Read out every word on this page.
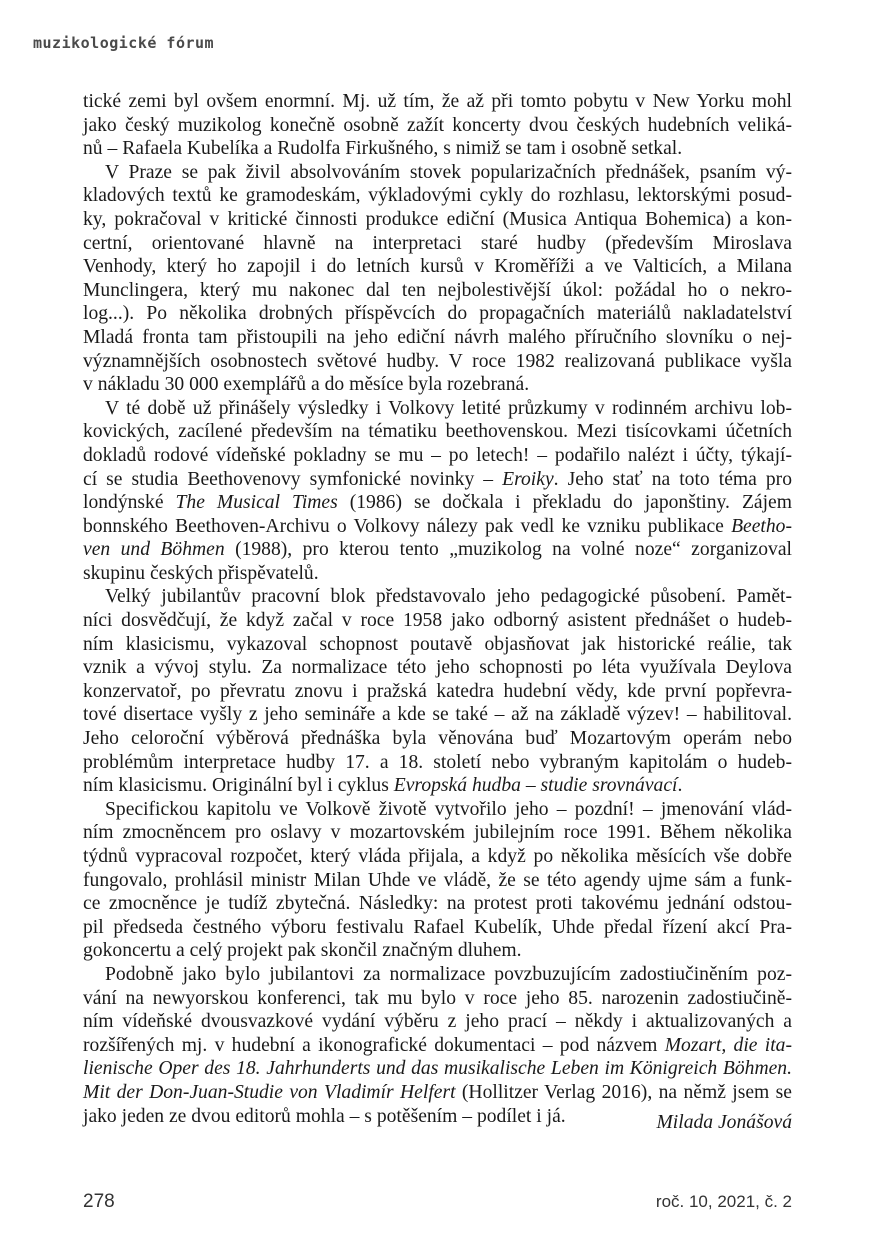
muzikologické fórum
tické zemi byl ovšem enormní. Mj. už tím, že až při tomto pobytu v New Yorku mohl
jako český muzikolog konečně osobně zažít koncerty dvou českých hudebních veliká-
nů – Rafaela Kubelíka a Rudolfa Firkušného, s nimiž se tam i osobně setkal.
V Praze se pak živil absolvováním stovek popularizačních přednášek, psaním vý-
kladových textů ke gramodeskám, výkladovými cykly do rozhlasu, lektorskými posud-
ky, pokračoval v kritické činnosti produkce ediční (Musica Antiqua Bohemica) a kon-
certní, orientované hlavně na interpretaci staré hudby (především Miroslava
Venhody, který ho zapojil i do letních kursů v Kroměříži a ve Valticích, a Milana
Munclingera, který mu nakonec dal ten nejbolestivější úkol: požádal ho o nekro-
log...). Po několika drobných příspěvcích do propagačních materiálů nakladatelství
Mladá fronta tam přistoupili na jeho ediční návrh malého příručního slovníku o nej-
významnějších osobnostech světové hudby. V roce 1982 realizovaná publikace vyšla
v nákladu 30 000 exemplářů a do měsíce byla rozebraná.
V té době už přinášely výsledky i Volkovy letité průzkumy v rodinném archivu lob-
kovických, zacílené především na tématiku beethovenskou. Mezi tisícovkami účetních
dokladů rodové vídeňské pokladny se mu – po letech! – podařilo nalézt i účty, týkají-
cí se studia Beethovenovy symfonické novinky – Eroiky. Jeho stať na toto téma pro
londýnské The Musical Times (1986) se dočkala i překladu do japonštiny. Zájem
bonnského Beethoven-Archivu o Volkovy nálezy pak vedl ke vzniku publikace Beetho-
ven und Böhmen (1988), pro kterou tento „muzikolog na volné noze“ zorganizoval
skupinu českých přispěvatelů.
Velký jubilantův pracovní blok představovalo jeho pedagogické působení. Pamět-
níci dosvědčují, že když začal v roce 1958 jako odborný asistent přednášet o hudeb-
ním klasicismu, vykazoval schopnost poutavě objasňovat jak historické reálie, tak
vznik a vývoj stylu. Za normalizace této jeho schopnosti po léta využívala Deylova
konzervatoř, po převratu znovu i pražská katedra hudební vědy, kde první popřevra-
tové disertace vyšly z jeho semináře a kde se také – až na základě výzev! – habilitoval.
Jeho celoroční výběrová přednáška byla věnována buď Mozartovým operám nebo
problémům interpretace hudby 17. a 18. století nebo vybraným kapitolám o hudeb-
ním klasicismu. Originální byl i cyklus Evropská hudba – studie srovnávací.
Specifickou kapitolu ve Volkově životě vytvořilo jeho – pozdní! – jmenování vlád-
ním zmocněncem pro oslavy v mozartovském jubilejním roce 1991. Během několika
týdnů vypracoval rozpočet, který vláda přijala, a když po několika měsících vše dobře
fungovalo, prohlásil ministr Milan Uhde ve vládě, že se této agendy ujme sám a funk-
ce zmocněnce je tudíž zbytečná. Následky: na protest proti takovému jednání odstou-
pil předseda čestného výboru festivalu Rafael Kubelík, Uhde předal řízení akcí Pra-
gokoncertu a celý projekt pak skončil značným dluhem.
Podobně jako bylo jubilantovi za normalizace povzbuzujícím zadostiučiněním poz-
vání na newyorskou konferenci, tak mu bylo v roce jeho 85. narozenin zadostiučině-
ním vídeňské dvousvazkové vydání výběru z jeho prací – někdy i aktualizovaných a
rozšířených mj. v hudební a ikonografické dokumentaci – pod názvem Mozart, die ita-
lienische Oper des 18. Jahrhunderts und das musikalische Leben im Königreich Böhmen.
Mit der Don-Juan-Studie von Vladimír Helfert (Hollitzer Verlag 2016), na němž jsem se
jako jeden ze dvou editorů mohla – s potěšením – podílet i já.	Milada Jonášová
278	roč. 10, 2021, č. 2
